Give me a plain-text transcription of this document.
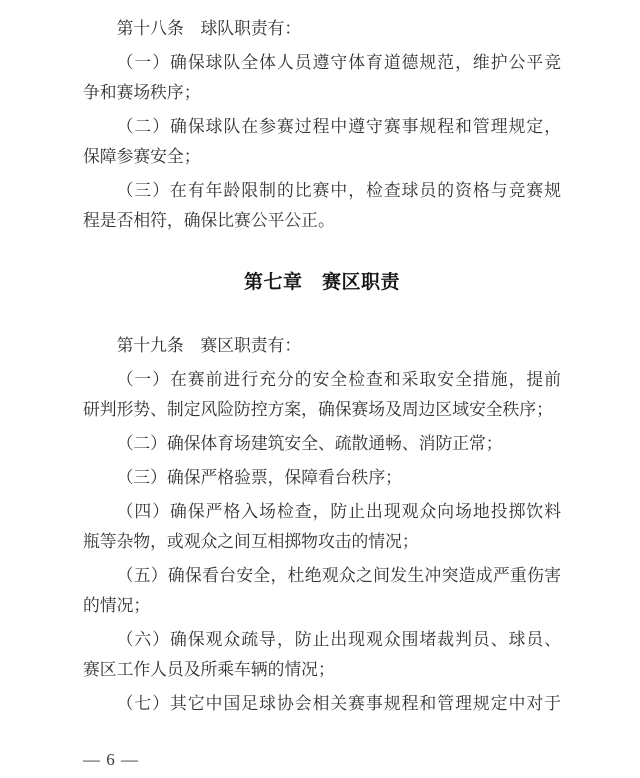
第十八条　球队职责有：
（一）确保球队全体人员遵守体育道德规范，维护公平竞
争和赛场秩序；
（二）确保球队在参赛过程中遵守赛事规程和管理规定，
保障参赛安全；
（三）在有年龄限制的比赛中，检查球员的资格与竞赛规
程是否相符，确保比赛公平公正。
第七章　赛区职责
第十九条　赛区职责有：
（一）在赛前进行充分的安全检查和采取安全措施，提前
研判形势、制定风险防控方案，确保赛场及周边区域安全秩序；
（二）确保体育场建筑安全、疏散通畅、消防正常；
（三）确保严格验票，保障看台秩序；
（四）确保严格入场检查，防止出现观众向场地投掷饮料
瓶等杂物，或观众之间互相掷物攻击的情况；
（五）确保看台安全，杜绝观众之间发生冲突造成严重伤害
的情况；
（六）确保观众疏导，防止出现观众围堵裁判员、球员、
赛区工作人员及所乘车辆的情况；
（七）其它中国足球协会相关赛事规程和管理规定中对于
— 6 —
